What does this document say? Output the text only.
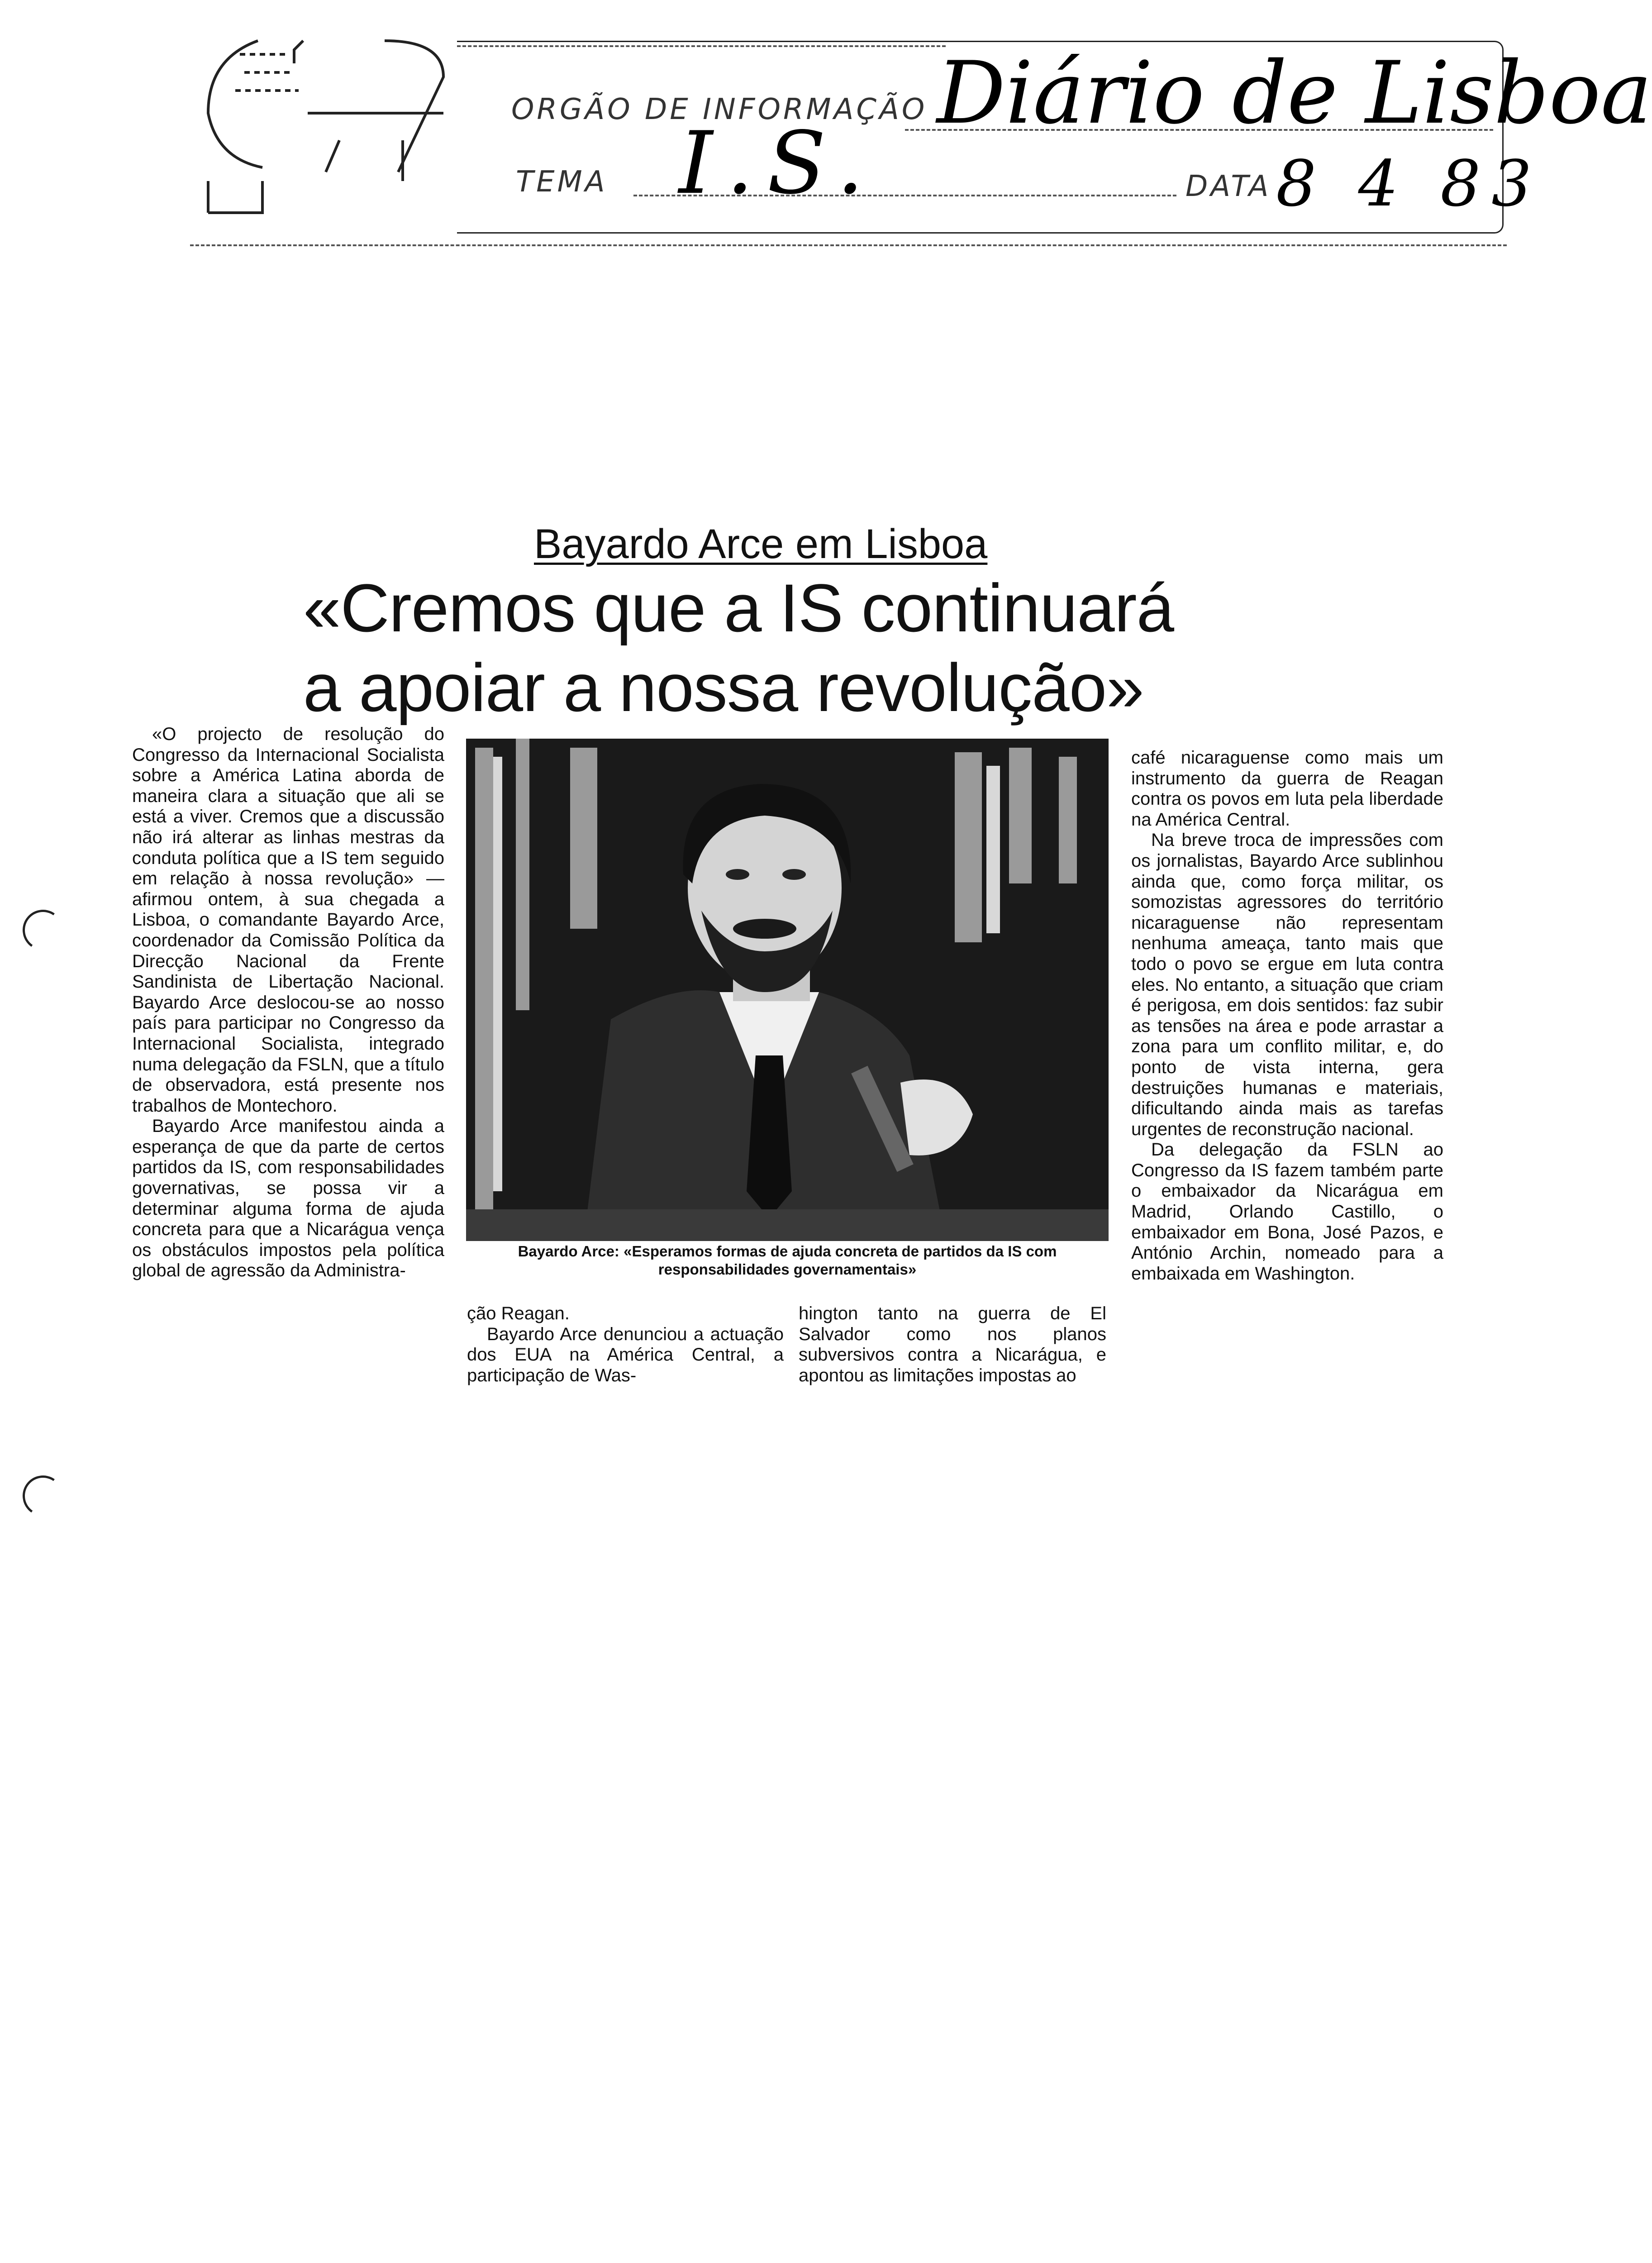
ORGÃO DE INFORMAÇÃO Diário de Lisboa
TEMA I.S.	DATA 8 4 83
Bayardo Arce em Lisboa
«Cremos que a IS continuará
a apoiar a nossa revolução»

«O projecto de resolução do Congresso da Internacional Socialista sobre a América Latina aborda de maneira clara a situação que ali se está a viver. Cremos que a discussão não irá alterar as linhas mestras da conduta política que a IS tem seguido em relação à nossa revolução» — afirmou ontem, à sua chegada a Lisboa, o comandante Bayardo Arce, coordenador da Comissão Política da Direcção Nacional da Frente Sandinista de Libertação Nacional. Bayardo Arce deslocou-se ao nosso país para participar no Congresso da Internacional Socialista, integrado numa delegação da FSLN, que a título de observadora, está presente nos trabalhos de Montechoro.

Bayardo Arce manifestou ainda a esperança de que da parte de certos partidos da IS, com responsabilidades governativas, se possa vir a determinar alguma forma de ajuda concreta para que a Nicarágua vença os obstáculos impostos pela política global de agressão da Administra-

Bayardo Arce: «Esperamos formas de ajuda concreta de partidos da IS com responsabilidades governamentais»

ção Reagan.

Bayardo Arce denunciou a actuação dos EUA na América Central, a participação de Was-

hington tanto na guerra de El Salvador como nos planos subversivos contra a Nicarágua, e apontou as limitações impostas ao

café nicaraguense como mais um instrumento da guerra de Reagan contra os povos em luta pela liberdade na América Central.

Na breve troca de impressões com os jornalistas, Bayardo Arce sublinhou ainda que, como força militar, os somozistas agressores do território nicaraguense não representam nenhuma ameaça, tanto mais que todo o povo se ergue em luta contra eles. No entanto, a situação que criam é perigosa, em dois sentidos: faz subir as tensões na área e pode arrastar a zona para um conflito militar, e, do ponto de vista interna, gera destruições humanas e materiais, dificultando ainda mais as tarefas urgentes de reconstrução nacional.

Da delegação da FSLN ao Congresso da IS fazem também parte o embaixador da Nicarágua em Madrid, Orlando Castillo, o embaixador em Bona, José Pazos, e António Archin, nomeado para a embaixada em Washington.
